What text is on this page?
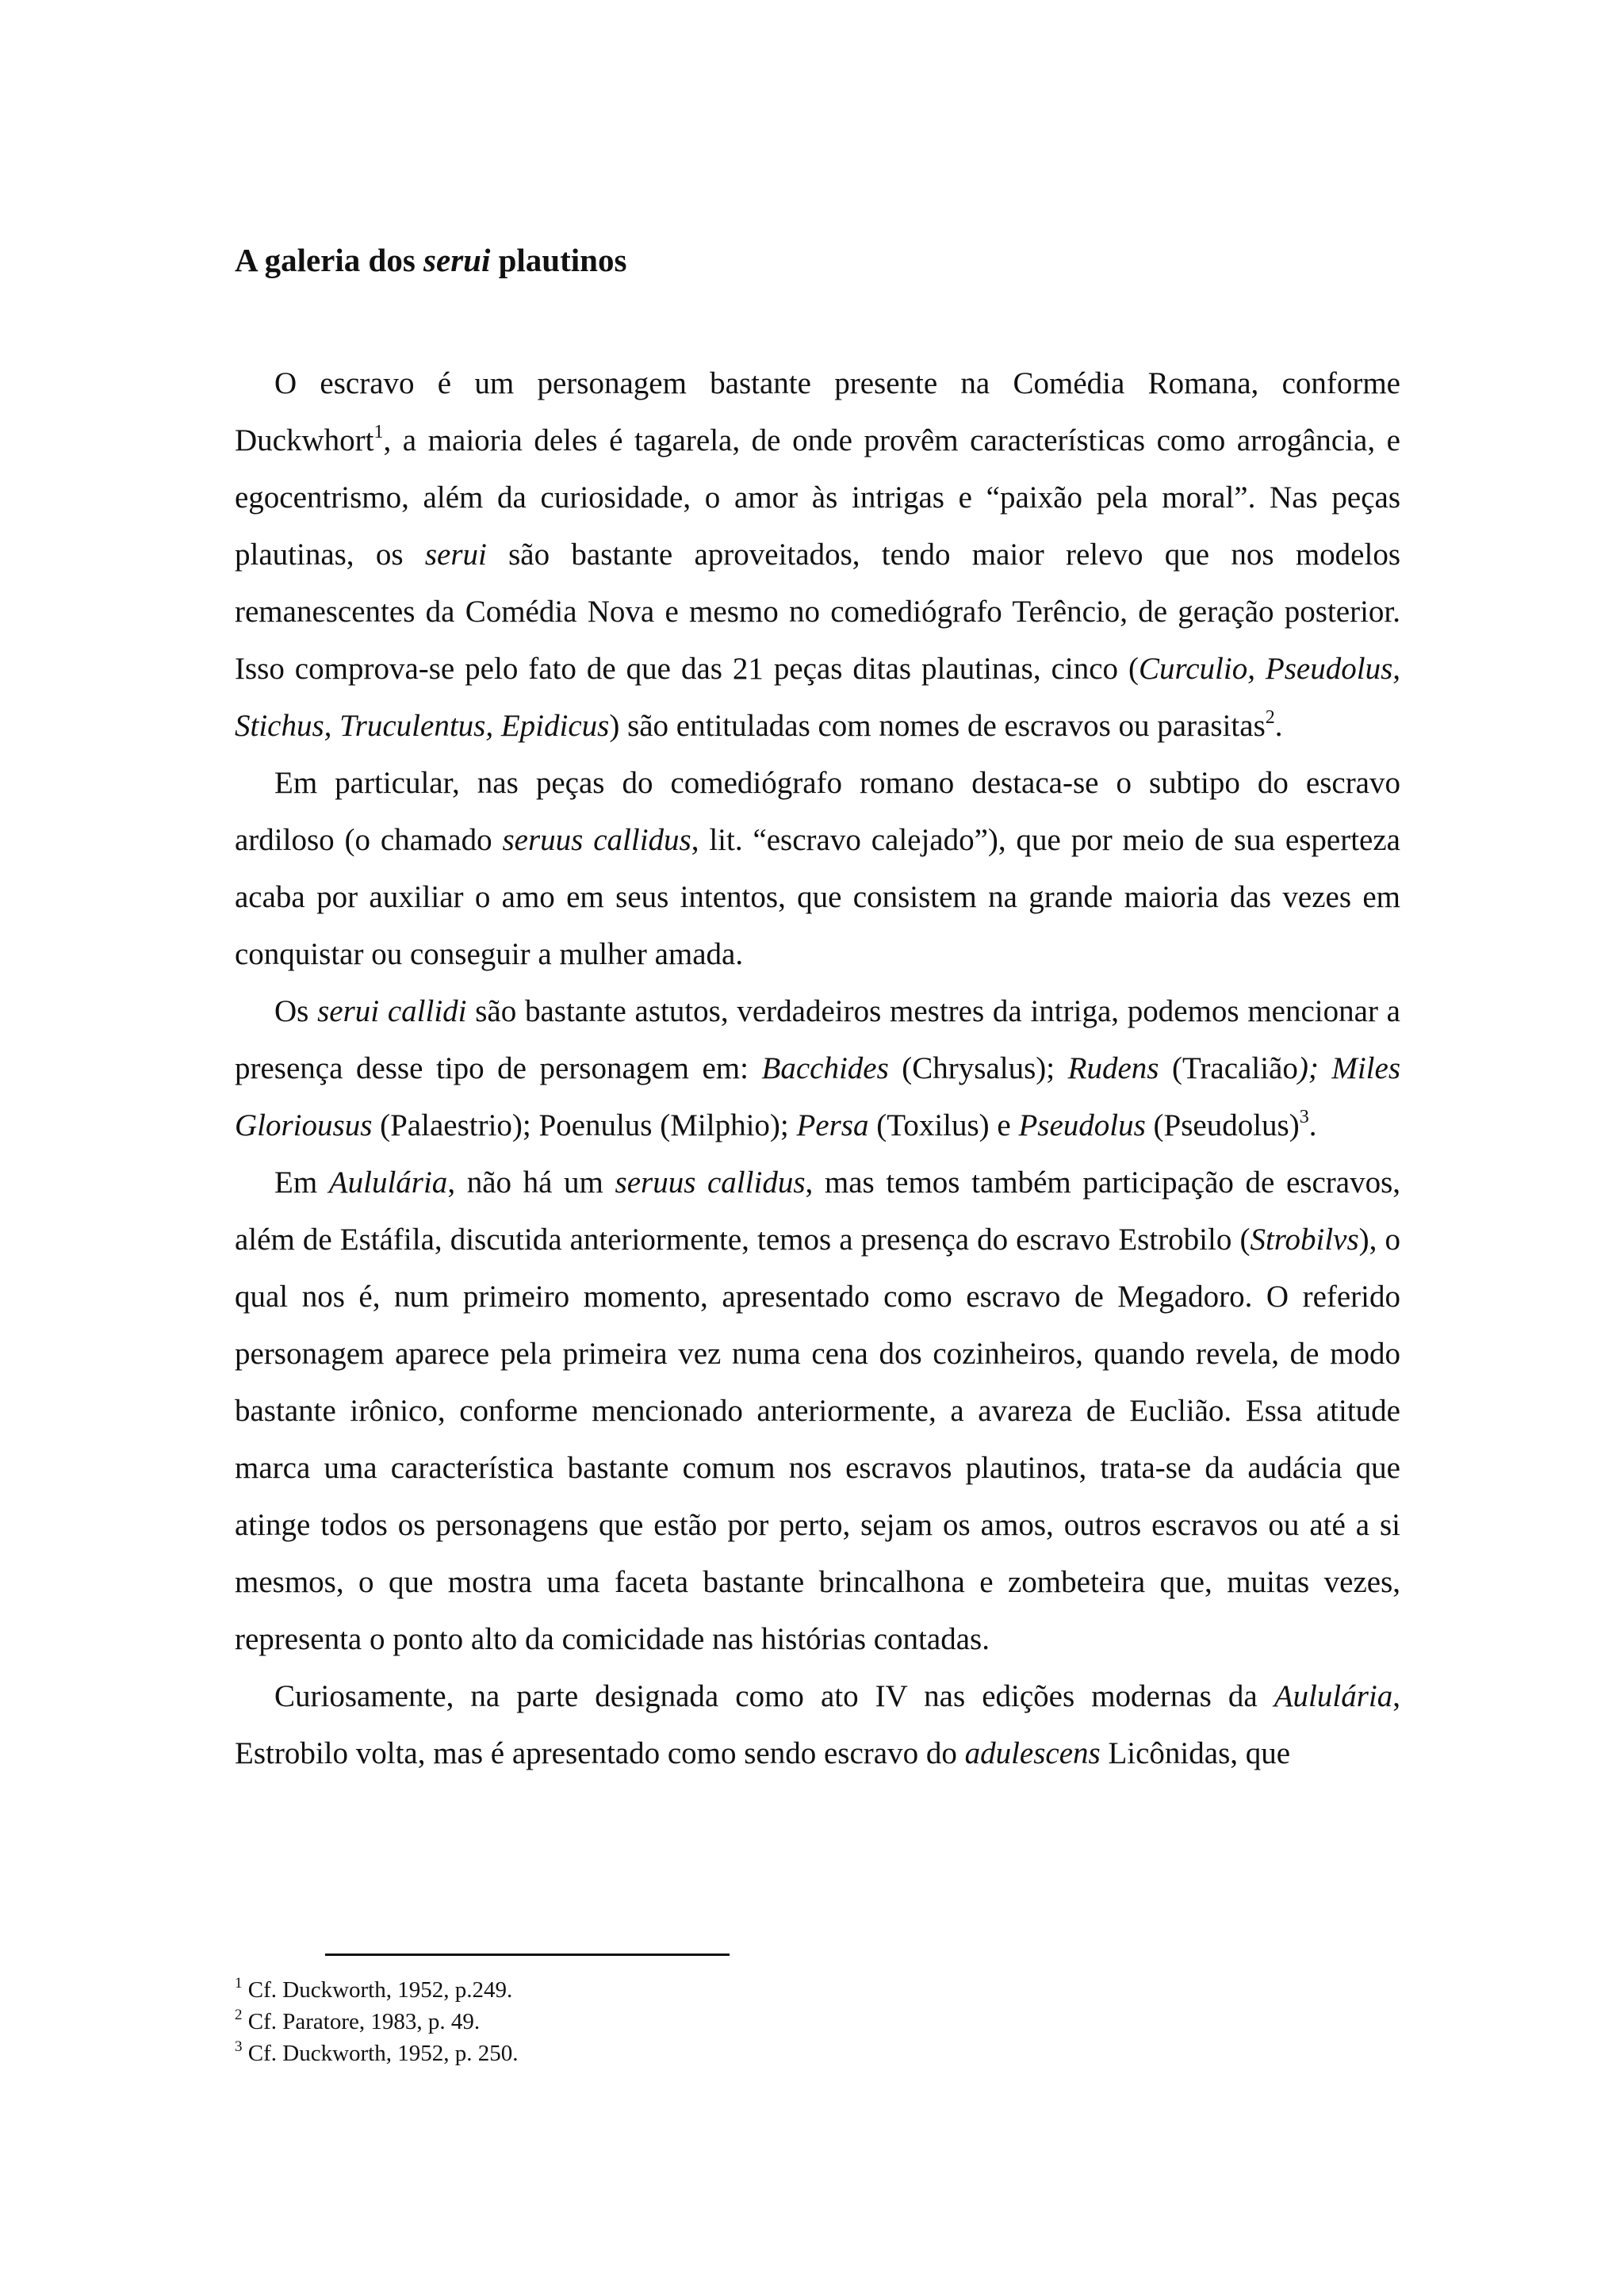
A galeria dos serui plautinos

O escravo é um personagem bastante presente na Comédia Romana, conforme Duckwhort$^1$, a maioria deles é tagarela, de onde provêm características como arrogância, e egocentrismo, além da curiosidade, o amor às intrigas e “paixão pela moral”. Nas peças plautinas, os serui são bastante aproveitados, tendo maior relevo que nos modelos remanescentes da Comédia Nova e mesmo no comediógrafo Terêncio, de geração posterior. Isso comprova-se pelo fato de que das 21 peças ditas plautinas, cinco (Curculio, Pseudolus, Stichus, Truculentus, Epidicus) são entituladas com nomes de escravos ou parasitas$^2$.

Em particular, nas peças do comediógrafo romano destaca-se o subtipo do escravo ardiloso (o chamado seruus callidus, lit. “escravo calejado”), que por meio de sua esperteza acaba por auxiliar o amo em seus intentos, que consistem na grande maioria das vezes em conquistar ou conseguir a mulher amada.

Os serui callidi são bastante astutos, verdadeiros mestres da intriga, podemos mencionar a presença desse tipo de personagem em: Bacchides (Chrysalus); Rudens (Tracalião); Miles Gloriousus (Palaestrio); Poenulus (Milphio); Persa (Toxilus) e Pseudolus (Pseudolus)$^3$.

Em Aululária, não há um seruus callidus, mas temos também participação de escravos, além de Estáfila, discutida anteriormente, temos a presença do escravo Estrobilo (Strobilvs), o qual nos é, num primeiro momento, apresentado como escravo de Megadoro. O referido personagem aparece pela primeira vez numa cena dos cozinheiros, quando revela, de modo bastante irônico, conforme mencionado anteriormente, a avareza de Euclião. Essa atitude marca uma característica bastante comum nos escravos plautinos, trata-se da audácia que atinge todos os personagens que estão por perto, sejam os amos, outros escravos ou até a si mesmos, o que mostra uma faceta bastante brincalhona e zombeteira que, muitas vezes, representa o ponto alto da comicidade nas histórias contadas.

Curiosamente, na parte designada como ato IV nas edições modernas da Aululária, Estrobilo volta, mas é apresentado como sendo escravo do adulescens Licônidas, que

$^1$ Cf. Duckworth, 1952, p.249.

$^2$ Cf. Paratore, 1983, p. 49.

$^3$ Cf. Duckworth, 1952, p. 250.
